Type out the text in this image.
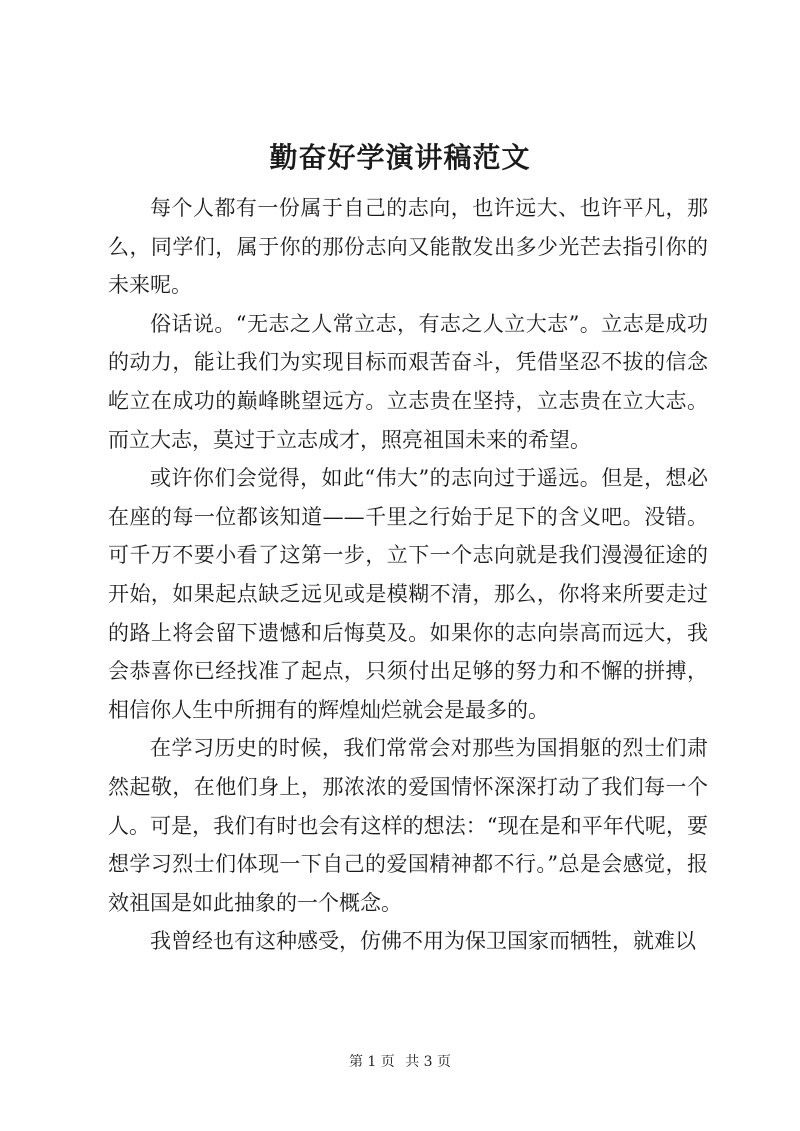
勤奋好学演讲稿范文

每个人都有一份属于自己的志向，也许远大、也许平凡，那么，同学们，属于你的那份志向又能散发出多少光芒去指引你的未来呢。

俗话说。“无志之人常立志，有志之人立大志”。立志是成功的动力，能让我们为实现目标而艰苦奋斗，凭借坚忍不拔的信念屹立在成功的巅峰眺望远方。立志贵在坚持，立志贵在立大志。而立大志，莫过于立志成才，照亮祖国未来的希望。

或许你们会觉得，如此“伟大”的志向过于遥远。但是，想必在座的每一位都该知道——千里之行始于足下的含义吧。没错。可千万不要小看了这第一步，立下一个志向就是我们漫漫征途的开始，如果起点缺乏远见或是模糊不清，那么，你将来所要走过的路上将会留下遗憾和后悔莫及。如果你的志向崇高而远大，我会恭喜你已经找准了起点，只须付出足够的努力和不懈的拼搏，相信你人生中所拥有的辉煌灿烂就会是最多的。

在学习历史的时候，我们常常会对那些为国捐躯的烈士们肃然起敬，在他们身上，那浓浓的爱国情怀深深打动了我们每一个人。可是，我们有时也会有这样的想法：“现在是和平年代呢，要想学习烈士们体现一下自己的爱国精神都不行。”总是会感觉，报效祖国是如此抽象的一个概念。

我曾经也有这种感受，仿佛不用为保卫国家而牺牲，就难以

第 1 页 共 3 页
